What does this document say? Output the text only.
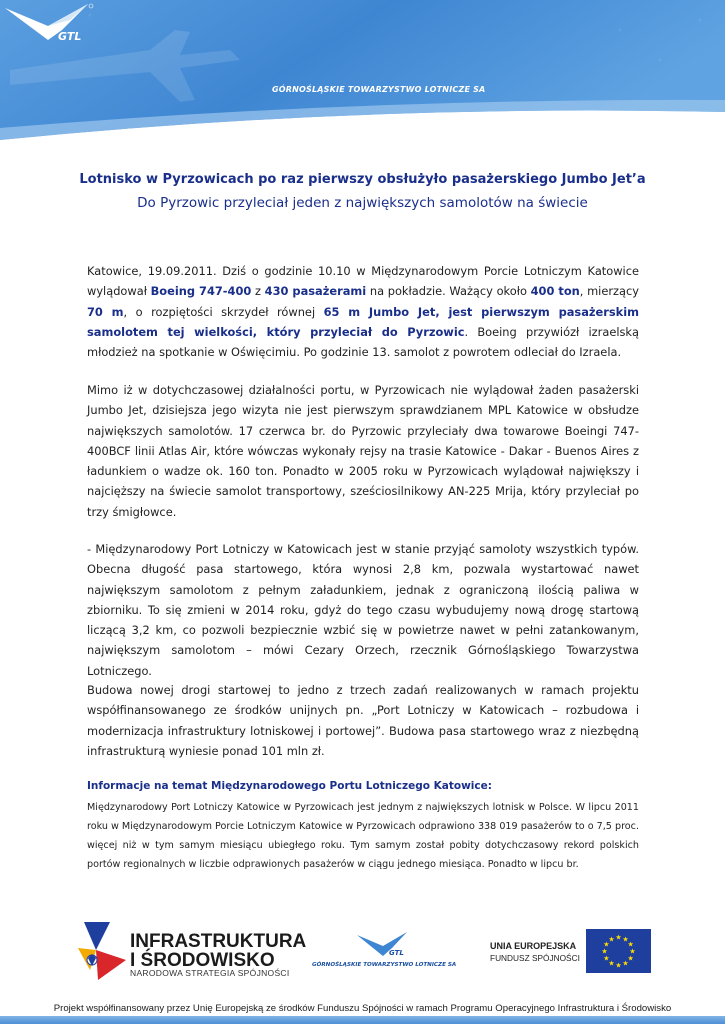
GTL
GÓRNOŚLĄSKIE TOWARZYSTWO LOTNICZE SA
Lotnisko w Pyrzowicach po raz pierwszy obsłużyło pasażerskiego Jumbo Jet’a
Do Pyrzowic przyleciał jeden z największych samolotów na świecie
Katowice, 19.09.2011. Dziś o godzinie 10.10 w Międzynarodowym Porcie Lotniczym Katowice wylądował Boeing 747-400 z 430 pasażerami na pokładzie. Ważący około 400 ton, mierzący 70 m, o rozpiętości skrzydeł równej 65 m Jumbo Jet, jest pierwszym pasażerskim samolotem tej wielkości, który przyleciał do Pyrzowic. Boeing przywiózł izraelską młodzież na spotkanie w Oświęcimiu. Po godzinie 13. samolot z powrotem odleciał do Izraela.
Mimo iż w dotychczasowej działalności portu, w Pyrzowicach nie wylądował żaden pasażerski Jumbo Jet, dzisiejsza jego wizyta nie jest pierwszym sprawdzianem MPL Katowice w obsłudze największych samolotów. 17 czerwca br. do Pyrzowic przyleciały dwa towarowe Boeingi 747-400BCF linii Atlas Air, które wówczas wykonały rejsy na trasie Katowice - Dakar - Buenos Aires z ładunkiem o wadze ok. 160 ton. Ponadto w 2005 roku w Pyrzowicach wylądował największy i najcięższy na świecie samolot transportowy, sześciosilnikowy AN-225 Mrija, który przyleciał po trzy śmigłowce.
- Międzynarodowy Port Lotniczy w Katowicach jest w stanie przyjąć samoloty wszystkich typów. Obecna długość pasa startowego, która wynosi 2,8 km, pozwala wystartować nawet największym samolotom z pełnym załadunkiem, jednak z ograniczoną ilością paliwa w zbiorniku. To się zmieni w 2014 roku, gdyż do tego czasu wybudujemy nową drogę startową liczącą 3,2 km, co pozwoli bezpiecznie wzbić się w powietrze nawet w pełni zatankowanym, największym samolotom – mówi Cezary Orzech, rzecznik Górnośląskiego Towarzystwa Lotniczego.
Budowa nowej drogi startowej to jedno z trzech zadań realizowanych w ramach projektu współfinansowanego ze środków unijnych pn. „Port Lotniczy w Katowicach – rozbudowa i modernizacja infrastruktury lotniskowej i portowej”. Budowa pasa startowego wraz z niezbędną infrastrukturą wyniesie ponad 101 mln zł.
Informacje na temat Międzynarodowego Portu Lotniczego Katowice:
Międzynarodowy Port Lotniczy Katowice w Pyrzowicach jest jednym z największych lotnisk w Polsce. W lipcu 2011 roku w Międzynarodowym Porcie Lotniczym Katowice w Pyrzowicach odprawiono 338 019 pasażerów to o 7,5 proc. więcej niż w tym samym miesiącu ubiegłego roku. Tym samym został pobity dotychczasowy rekord polskich portów regionalnych w liczbie odprawionych pasażerów w ciągu jednego miesiąca. Ponadto w lipcu br.
INFRASTRUKTURA
I ŚRODOWISKO
NARODOWA STRATEGIA SPÓJNOŚCI
GTL
GÓRNOŚLĄSKIE TOWARZYSTWO LOTNICZE SA
UNIA EUROPEJSKA
FUNDUSZ SPÓJNOŚCI
★ ★
★
★
★
★
★
★
★
★
★
★
Projekt współfinansowany przez Unię Europejską ze środków Funduszu Spójności w ramach Programu Operacyjnego Infrastruktura i Środowisko
